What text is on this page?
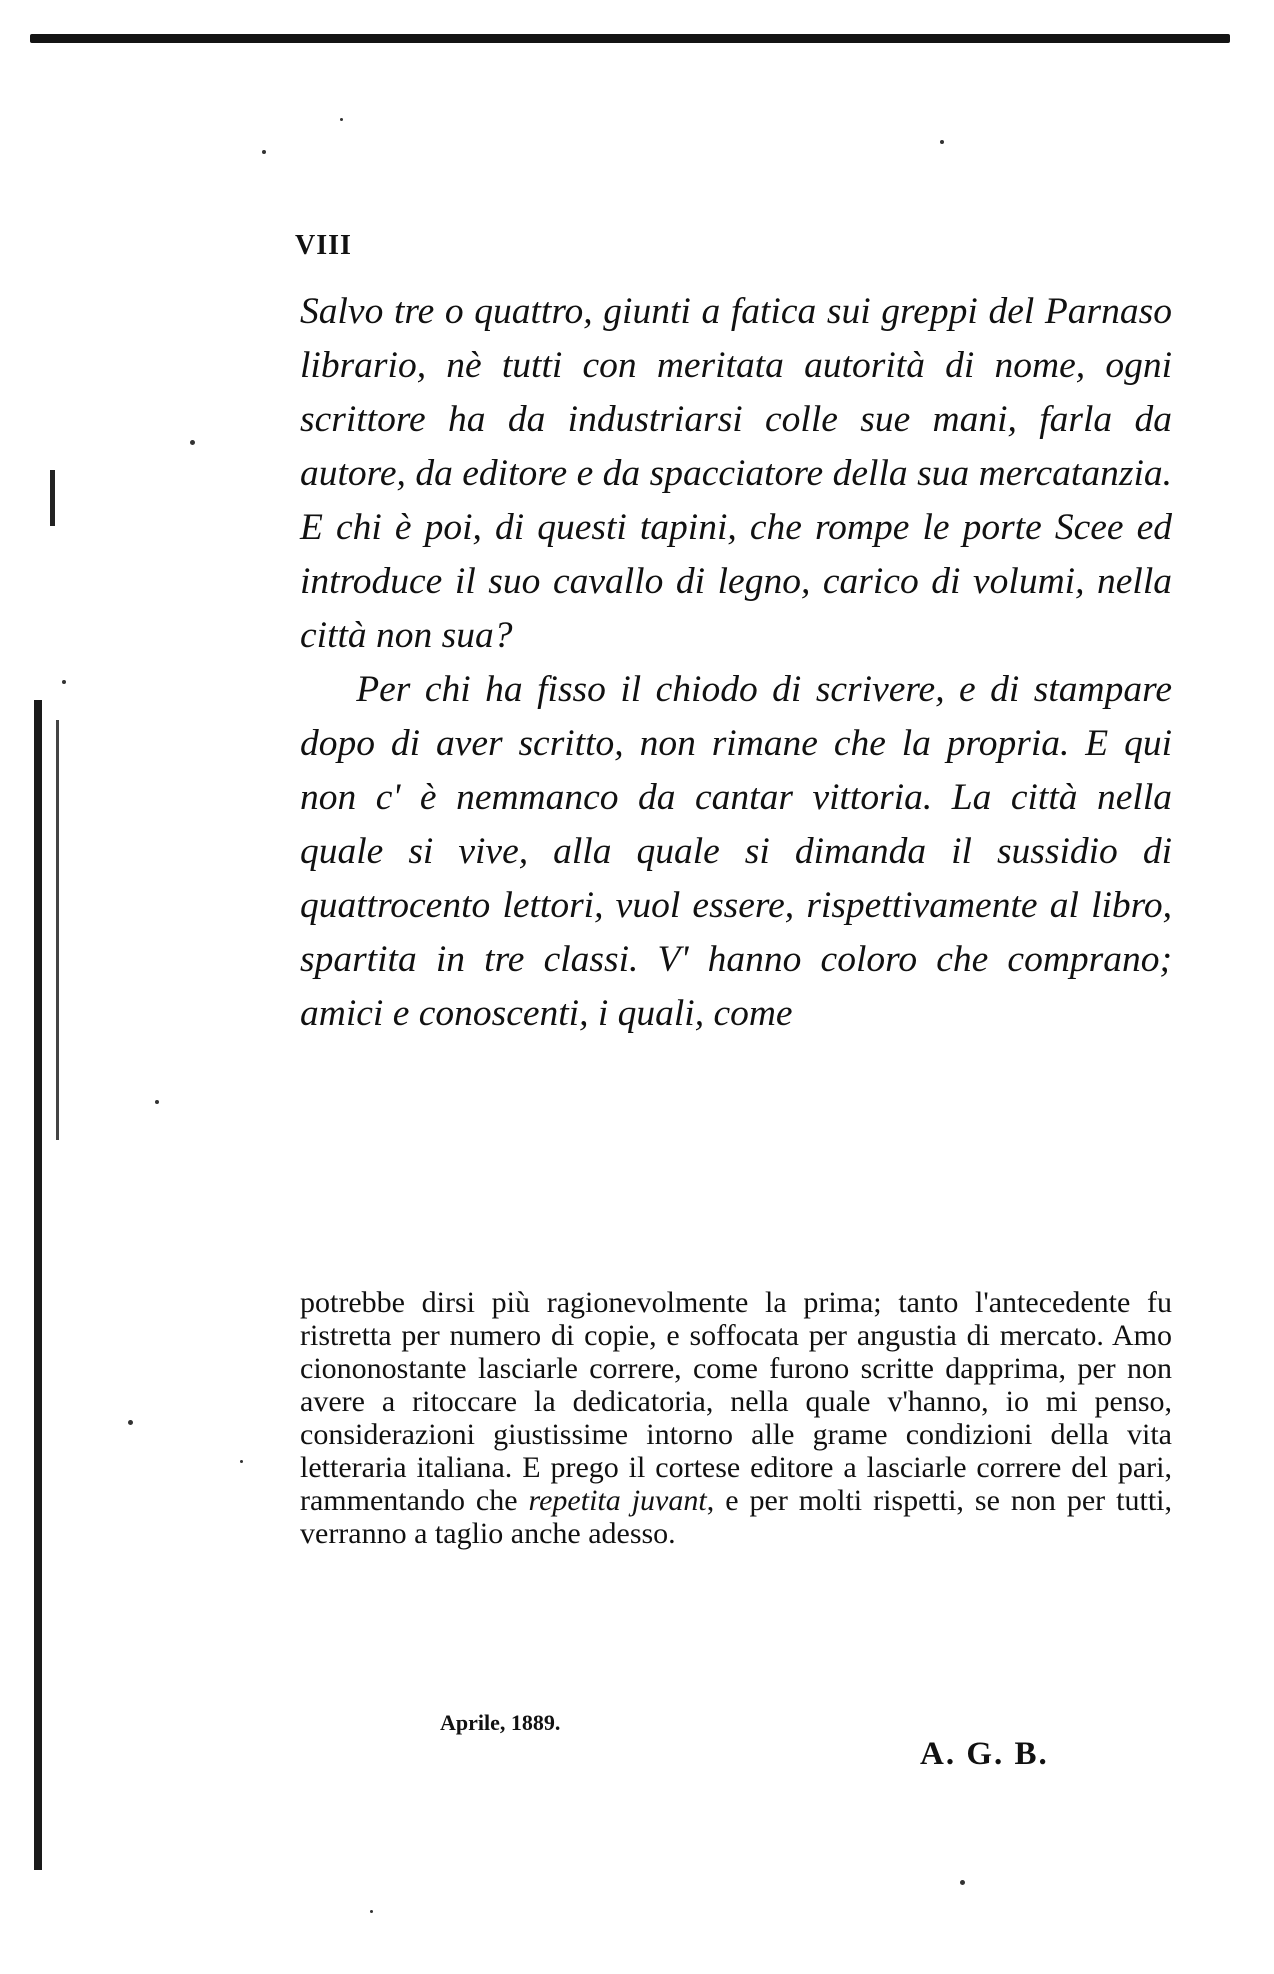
VIII

Salvo tre o quattro, giunti a fatica sui greppi del Parnaso librario, nè tutti con meritata autorità di nome, ogni scrittore ha da industriarsi colle sue mani, farla da autore, da editore e da spacciatore della sua mercatanzia. E chi è poi, di questi tapini, che rompe le porte Scee ed introduce il suo cavallo di legno, carico di volumi, nella città non sua?

Per chi ha fisso il chiodo di scrivere, e di stampare dopo di aver scritto, non rimane che la propria. E qui non c' è nemmanco da cantar vittoria. La città nella quale si vive, alla quale si dimanda il sussidio di quattrocento lettori, vuol essere, rispettivamente al libro, spartita in tre classi. V' hanno coloro che comprano; amici e conoscenti, i quali, come

potrebbe dirsi più ragionevolmente la prima; tanto l'antecedente fu ristretta per numero di copie, e soffocata per angustia di mercato. Amo ciononostante lasciarle correre, come furono scritte dapprima, per non avere a ritoccare la dedicatoria, nella quale v'hanno, io mi penso, considerazioni giustissime intorno alle grame condizioni della vita letteraria italiana. E prego il cortese editore a lasciarle correre del pari, rammentando che repetita juvant, e per molti rispetti, se non per tutti, verranno a taglio anche adesso.

Aprile, 1889.
A. G. B.
